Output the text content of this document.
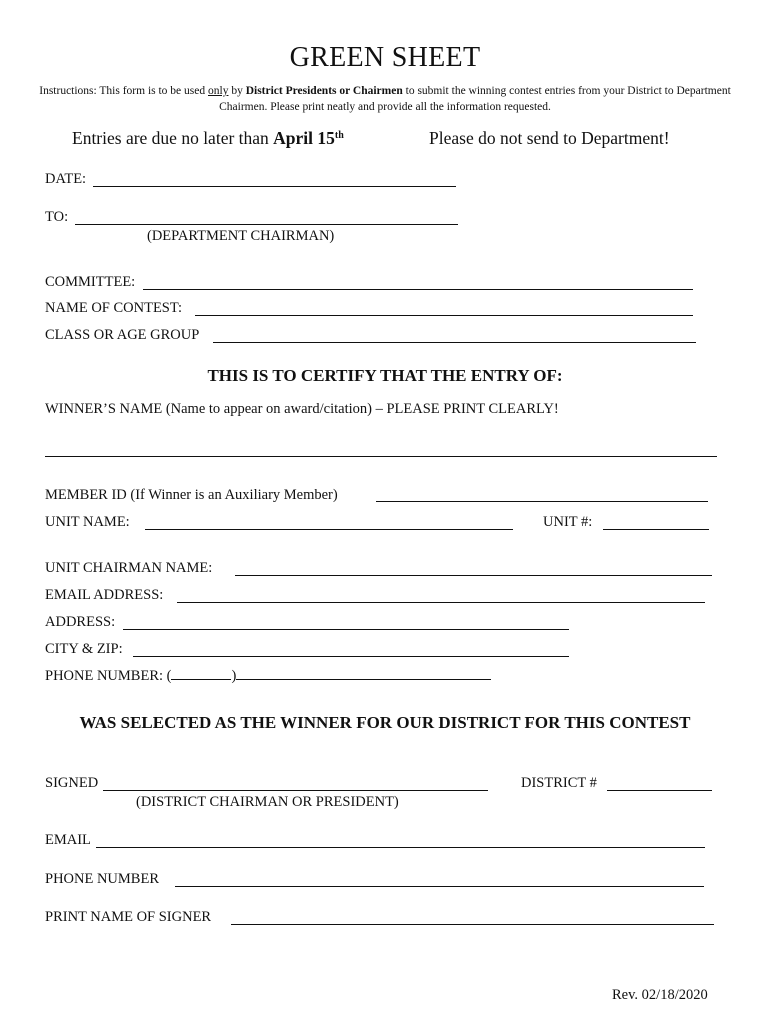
GREEN SHEET
Instructions: This form is to be used only by District Presidents or Chairmen to submit the winning contest entries from your District to Department Chairmen. Please print neatly and provide all the information requested.
Entries are due no later than April 15th	Please do not send to Department!
DATE:
TO:
(DEPARTMENT CHAIRMAN)
COMMITTEE:
NAME OF CONTEST:
CLASS OR AGE GROUP
THIS IS TO CERTIFY THAT THE ENTRY OF:
WINNER’S NAME (Name to appear on award/citation) – PLEASE PRINT CLEARLY!
MEMBER ID (If Winner is an Auxiliary Member)
UNIT NAME:	UNIT #:
UNIT CHAIRMAN NAME:
EMAIL ADDRESS:
ADDRESS:
CITY & ZIP:
PHONE NUMBER: (	)
WAS SELECTED AS THE WINNER FOR OUR DISTRICT FOR THIS CONTEST
SIGNED	DISTRICT #
(DISTRICT CHAIRMAN OR PRESIDENT)
EMAIL
PHONE NUMBER
PRINT NAME OF SIGNER
Rev. 02/18/2020
